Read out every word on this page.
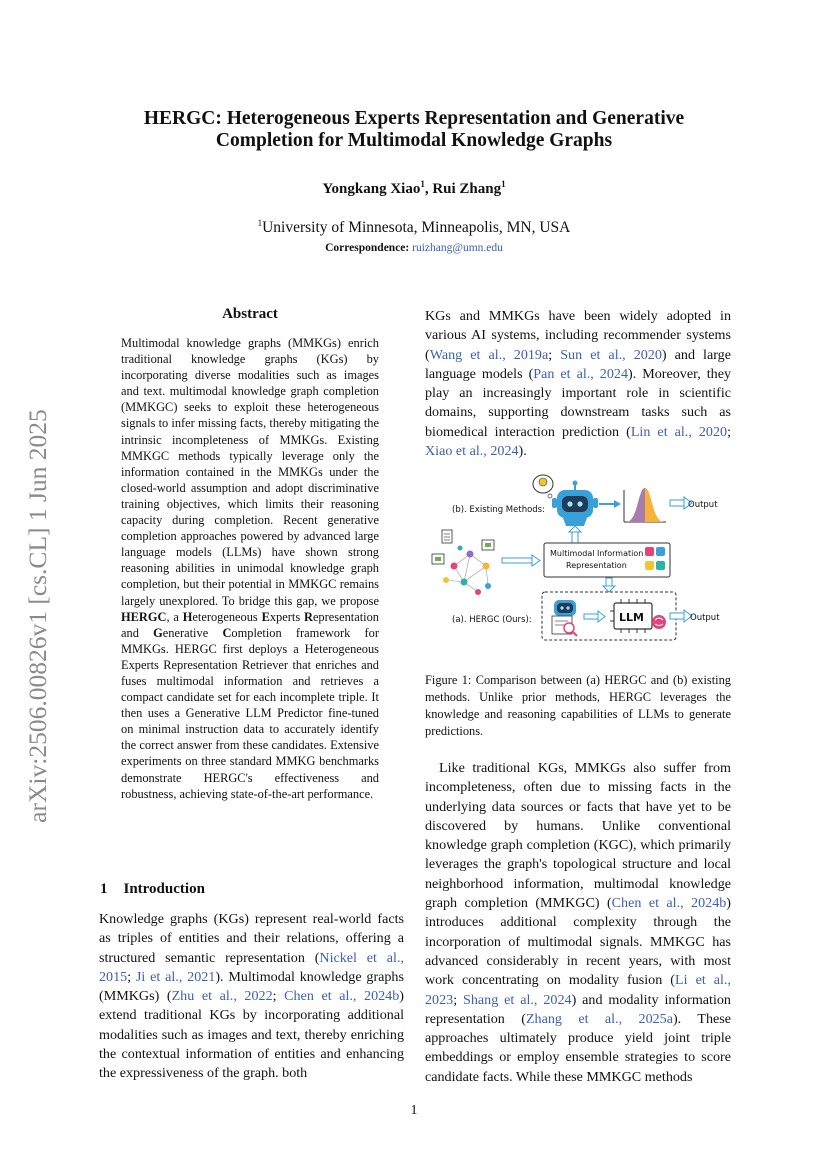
HERGC: Heterogeneous Experts Representation and Generative
Completion for Multimodal Knowledge Graphs
Yongkang Xiao$^1$, Rui Zhang$^1$
$^1$University of Minnesota, Minneapolis, MN, USA
Correspondence: ruizhang@umn.edu
arXiv:2506.00826v1 [cs.CL] 1 Jun 2025
Abstract

Multimodal knowledge graphs (MMKGs) enrich traditional knowledge graphs (KGs) by incorporating diverse modalities such as images and text. multimodal knowledge graph completion (MMKGC) seeks to exploit these heterogeneous signals to infer missing facts, thereby mitigating the intrinsic incompleteness of MMKGs. Existing MMKGC methods typically leverage only the information contained in the MMKGs under the closed-world assumption and adopt discriminative training objectives, which limits their reasoning capacity during completion. Recent generative completion approaches powered by advanced large language models (LLMs) have shown strong reasoning abilities in unimodal knowledge graph completion, but their potential in MMKGC remains largely unexplored. To bridge this gap, we propose HERGC, a Heterogeneous Experts Representation and Generative Completion framework for MMKGs. HERGC first deploys a Heterogeneous Experts Representation Retriever that enriches and fuses multimodal information and retrieves a compact candidate set for each incomplete triple. It then uses a Generative LLM Predictor fine-tuned on minimal instruction data to accurately identify the correct answer from these candidates. Extensive experiments on three standard MMKG benchmarks demonstrate HERGC's effectiveness and robustness, achieving state-of-the-art performance.

1 Introduction

Knowledge graphs (KGs) represent real-world facts as triples of entities and their relations, offering a structured semantic representation (Nickel et al., 2015; Ji et al., 2021). Multimodal knowledge graphs (MMKGs) (Zhu et al., 2022; Chen et al., 2024b) extend traditional KGs by incorporating additional modalities such as images and text, thereby enriching the contextual information of entities and enhancing the expressiveness of the graph. both

KGs and MMKGs have been widely adopted in various AI systems, including recommender systems (Wang et al., 2019a; Sun et al., 2020) and large language models (Pan et al., 2024). Moreover, they play an increasingly important role in scientific domains, supporting downstream tasks such as biomedical interaction prediction (Lin et al., 2020; Xiao et al., 2024).

(b). Existing Methods:	Output
Multimodal Information
Representation
(a). HERGC (Ours):	LLM	Output
Figure 1: Comparison between (a) HERGC and (b) existing methods. Unlike prior methods, HERGC leverages the knowledge and reasoning capabilities of LLMs to generate predictions.

Like traditional KGs, MMKGs also suffer from incompleteness, often due to missing facts in the underlying data sources or facts that have yet to be discovered by humans. Unlike conventional knowledge graph completion (KGC), which primarily leverages the graph's topological structure and local neighborhood information, multimodal knowledge graph completion (MMKGC) (Chen et al., 2024b) introduces additional complexity through the incorporation of multimodal signals. MMKGC has advanced considerably in recent years, with most work concentrating on modality fusion (Li et al., 2023; Shang et al., 2024) and modality information representation (Zhang et al., 2025a). These approaches ultimately produce yield joint triple embeddings or employ ensemble strategies to score candidate facts. While these MMKGC methods

1
